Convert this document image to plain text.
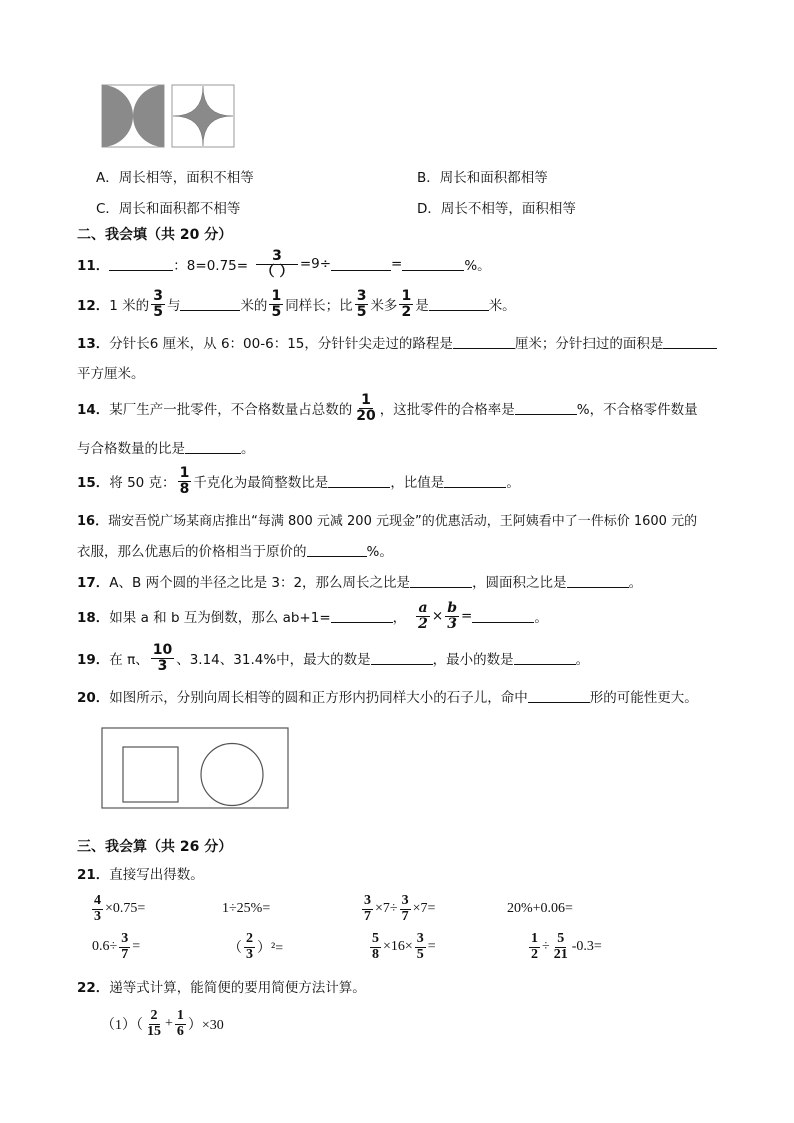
A．周长相等，面积不相等	B．周长和面积都相等
C．周长和面积都不相等	D．周长不相等，面积相等
二、我会填（共 20 分）
11．	：$8=0.75= \frac{3}{( )} =9\div$	=	%。
12． 1 米的 $\frac{3}{5}$ 与	米的 $\frac{1}{5}$ 同样长；比 $\frac{3}{5}$ 米多 $\frac{1}{2}$ 是	米。
13． 分针长6 厘米，从 6：00-6：15，分针针尖走过的路程是	厘米；分针扫过的面积是
平方厘米。
14． 某厂生产一批零件，不合格数量占总数的 $\frac{1}{20}$ ，这批零件的合格率是	%，不合格零件数量
与合格数量的比是	。
15． 将 50 克： $\frac{1}{8}$ 千克化为最简整数比是	，比值是	。
16． 瑞安吾悦广场某商店推出“每满 800 元减 200 元现金”的优惠活动，王阿姨看中了一件标价 1600 元的
衣服，那么优惠后的价格相当于原价的	%。
17． A、B 两个圆的半径之比是 3：2，那么周长之比是	，圆面积之比是	。
18． 如果 a 和 b 互为倒数，那么 ab+1=	， $\frac{a}{2} \times \frac{b}{3}$ =	。
19． 在 π、 $\frac{10}{3}$ 、3.14、31.4%中，最大的数是	，最小的数是	。
20． 如图所示，分别向周长相等的圆和正方形内扔同样大小的石子儿，命中	形的可能性更大。
三、我会算（共 26 分）
21． 直接写出得数。
$\frac{4}{3} \times 0.75=$	1÷25%=	$\frac{3}{7} \times 7\div \frac{3}{7} \times 7=$	20%+0.06=
$0.6\div \frac{3}{7}$ =	（ $\frac{2}{3} )^2=$	$\frac{5}{8} \times 16\times \frac{3}{5}$ =	$\frac{1}{2} \div \frac{5}{21} -0.3=$
22． 递等式计算，能简便的要用简便方法计算。
$(1)( \frac{2}{15} + \frac{1}{6} )\times 30$
